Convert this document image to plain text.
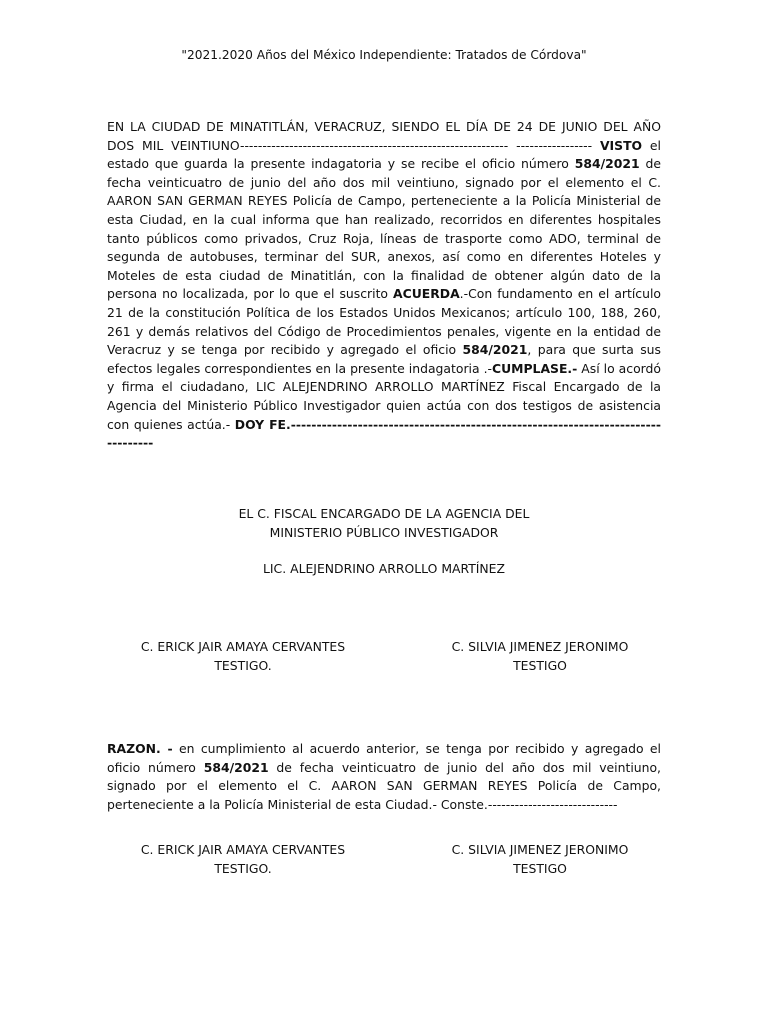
"2021.2020 Años del México Independiente: Tratados de Córdova"
EN LA CIUDAD DE MINATITLÁN, VERACRUZ, SIENDO EL DÍA DE 24 DE JUNIO DEL AÑO DOS MIL VEINTIUNO------------------------------------------------------------ ----------------- VISTO el estado que guarda la presente indagatoria y se recibe el oficio número 584/2021 de fecha veinticuatro de junio del año dos mil veintiuno, signado por el elemento el C. AARON SAN GERMAN REYES Policía de Campo, perteneciente a la Policía Ministerial de esta Ciudad, en la cual informa que han realizado, recorridos en diferentes hospitales tanto públicos como privados, Cruz Roja, líneas de trasporte como ADO, terminal de segunda de autobuses, terminar del SUR, anexos, así como en diferentes Hoteles y Moteles de esta ciudad de Minatitlán, con la finalidad de obtener algún dato de la persona no localizada, por lo que el suscrito ACUERDA.-Con fundamento en el artículo 21 de la constitución Política de los Estados Unidos Mexicanos; artículo 100, 188, 260, 261 y demás relativos del Código de Procedimientos penales, vigente en la entidad de Veracruz y se tenga por recibido y agregado el oficio 584/2021, para que surta sus efectos legales correspondientes en la presente indagatoria .-CUMPLASE.- Así lo acordó y firma el ciudadano, LIC ALEJENDRINO ARROLLO MARTÍNEZ Fiscal Encargado de la Agencia del Ministerio Público Investigador quien actúa con dos testigos de asistencia con quienes actúa.- DOY FE.---------------------------------------------------------------------------------
EL C. FISCAL ENCARGADO DE LA AGENCIA DEL
MINISTERIO PÚBLICO INVESTIGADOR
LIC. ALEJENDRINO ARROLLO MARTÍNEZ
C. ERICK JAIR AMAYA CERVANTES
TESTIGO.
C. SILVIA JIMENEZ JERONIMO
TESTIGO
RAZON. - en cumplimiento al acuerdo anterior, se tenga por recibido y agregado el oficio número 584/2021 de fecha veinticuatro de junio del año dos mil veintiuno, signado por el elemento el C. AARON SAN GERMAN REYES Policía de Campo, perteneciente a la Policía Ministerial de esta Ciudad.- Conste.-----------------------------
C. ERICK JAIR AMAYA CERVANTES
TESTIGO.
C. SILVIA JIMENEZ JERONIMO
TESTIGO
